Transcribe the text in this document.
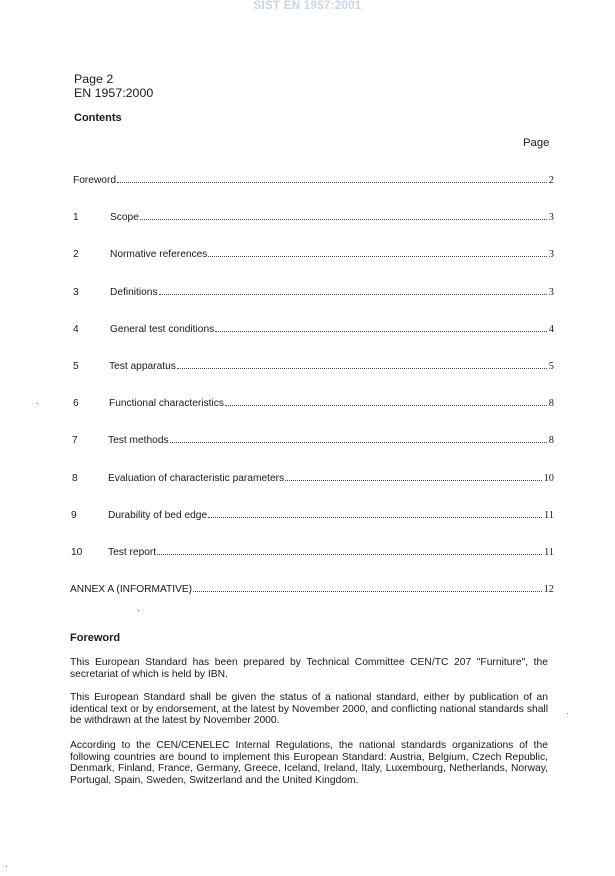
SIST EN 1957:2001
Page 2
EN 1957:2000
Contents
Page
Foreword	2
1	Scope	3
2	Normative references	3
3	Definitions	3
4	General test conditions	4
5	Test apparatus	5
6	Functional characteristics	8
7	Test methods	8
8	Evaluation of characteristic parameters	10
9	Durability of bed edge	11
10	Test report	11
ANNEX A (INFORMATIVE)	12
Foreword

This European Standard has been prepared by Technical Committee CEN/TC 207 "Furniture", the secretariat of which is held by IBN.

This European Standard shall be given the status of a national standard, either by publication of an identical text or by endorsement, at the latest by November 2000, and conflicting national standards shall be withdrawn at the latest by November 2000.

According to the CEN/CENELEC Internal Regulations, the national standards organizations of the following countries are bound to implement this European Standard: Austria, Belgium, Czech Republic, Denmark, Finland, France, Germany, Greece, Iceland, Ireland, Italy, Luxembourg, Netherlands, Norway, Portugal, Spain, Sweden, Switzerland and the United Kingdom.
